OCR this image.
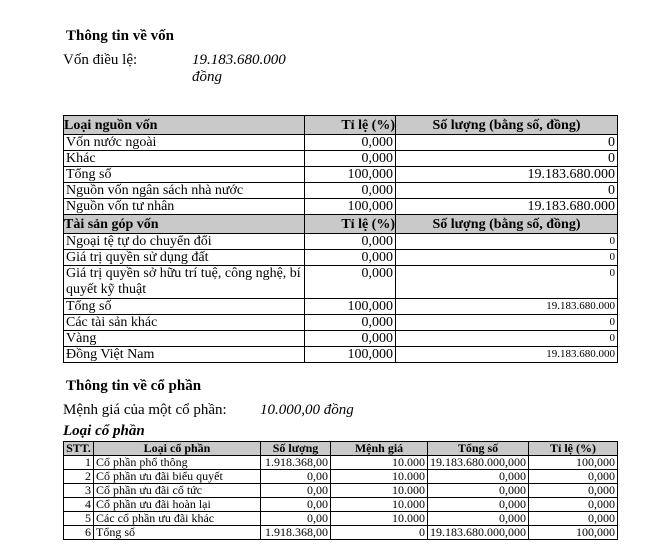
Thông tin về vốn
Vốn điều lệ:	19.183.680.000
đồng
Loại nguồn vốn	Tỉ lệ (%)	Số lượng (bằng số, đồng)
Vốn nước ngoài	0,000	0
Khác	0,000	0
Tổng số	100,000	19.183.680.000
Nguồn vốn ngân sách nhà nước	0,000	0
Nguồn vốn tư nhân	100,000	19.183.680.000
Tài sản góp vốn	Tỉ lệ (%)	Số lượng (bằng số, đồng)
Ngoại tệ tự do chuyển đổi	0,000	0
Giá trị quyền sử dụng đất	0,000	0
Giá trị quyền sở hữu trí tuệ, công nghệ, bí quyết kỹ thuật	0,000	0
Tổng số	100,000	19.183.680.000
Các tài sản khác	0,000	0
Vàng	0,000	0
Đồng Việt Nam	100,000	19.183.680.000
Thông tin về cổ phần
Mệnh giá của một cổ phần: 10.000,00 đồng
Loại cổ phần
STT.	Loại cổ phần	Số lượng	Mệnh giá	Tổng số	Tỉ lệ (%)
1	Cổ phần phổ thông	1.918.368,00	10.000	19.183.680.000,000	100,000
2	Cổ phần ưu đãi biểu quyết	0,00	10.000	0,000	0,000
3	Cổ phần ưu đãi cổ tức	0,00	10.000	0,000	0,000
4	Cổ phần ưu đãi hoàn lại	0,00	10.000	0,000	0,000
5	Các cổ phần ưu đãi khác	0,00	10.000	0,000	0,000
6	Tổng số	1.918.368,00	0	19.183.680.000,000	100,000
